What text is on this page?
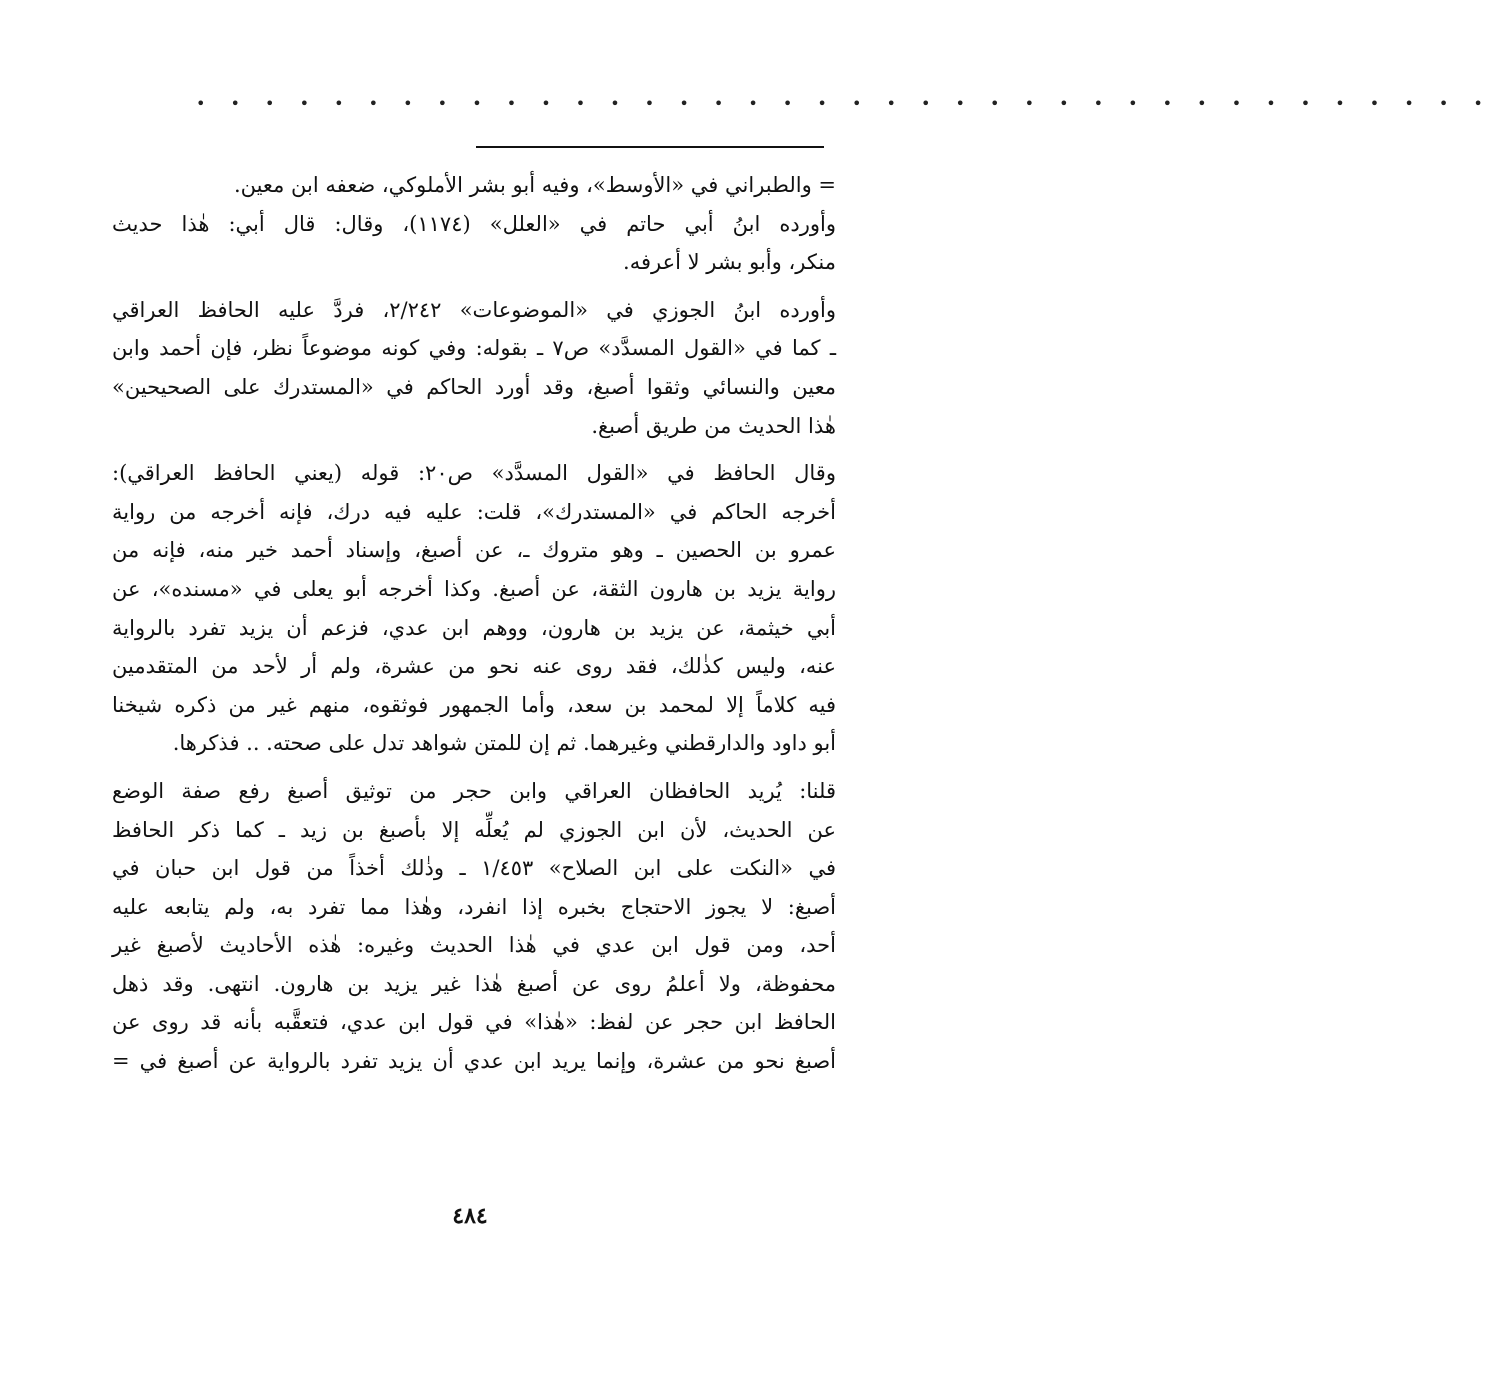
• • • • • • • • • • • • • • • • • • • • • • • • • • • • • • • • • • • • • •
= والطبراني في «الأوسط»، وفيه أبو بشر الأملوكي، ضعفه ابن معين.
وأورده ابنُ أبي حاتم في «العلل» (١١٧٤)، وقال: قال أبي: هٰذا حديث
منكر، وأبو بشر لا أعرفه.
وأورده ابنُ الجوزي في «الموضوعات» ٢/٢٤٢، فردَّ عليه الحافظ العراقي
ـ كما في «القول المسدَّد» ص٧ ـ بقوله: وفي كونه موضوعاً نظر، فإن أحمد وابن
معين والنسائي وثقوا أصبغ، وقد أورد الحاكم في «المستدرك على الصحيحين»
هٰذا الحديث من طريق أصبغ.
وقال الحافظ في «القول المسدَّد» ص٢٠: قوله (يعني الحافظ العراقي):
أخرجه الحاكم في «المستدرك»، قلت: عليه فيه درك، فإنه أخرجه من رواية
عمرو بن الحصين ـ وهو متروك ـ، عن أصبغ، وإسناد أحمد خير منه، فإنه من
رواية يزيد بن هارون الثقة، عن أصبغ. وكذا أخرجه أبو يعلى في «مسنده»، عن
أبي خيثمة، عن يزيد بن هارون، ووهم ابن عدي، فزعم أن يزيد تفرد بالرواية
عنه، وليس كذٰلك، فقد روى عنه نحو من عشرة، ولم أر لأحد من المتقدمين
فيه كلاماً إلا لمحمد بن سعد، وأما الجمهور فوثقوه، منهم غير من ذكره شيخنا
أبو داود والدارقطني وغيرهما. ثم إن للمتن شواهد تدل على صحته. .. فذكرها.
قلنا: يُريد الحافظان العراقي وابن حجر من توثيق أصبغ رفع صفة الوضع
عن الحديث، لأن ابن الجوزي لم يُعلِّه إلا بأصبغ بن زيد ـ كما ذكر الحافظ
في «النكت على ابن الصلاح» ١/٤٥٣ ـ وذٰلك أخذاً من قول ابن حبان في
أصبغ: لا يجوز الاحتجاج بخبره إذا انفرد، وهٰذا مما تفرد به، ولم يتابعه عليه
أحد، ومن قول ابن عدي في هٰذا الحديث وغيره: هٰذه الأحاديث لأصبغ غير
محفوظة، ولا أعلمُ روى عن أصبغ هٰذا غير يزيد بن هارون. انتهى. وقد ذهل
الحافظ ابن حجر عن لفظ: «هٰذا» في قول ابن عدي، فتعقَّبه بأنه قد روى عن
أصبغ نحو من عشرة، وإنما يريد ابن عدي أن يزيد تفرد بالرواية عن أصبغ في =
٤٨٤
